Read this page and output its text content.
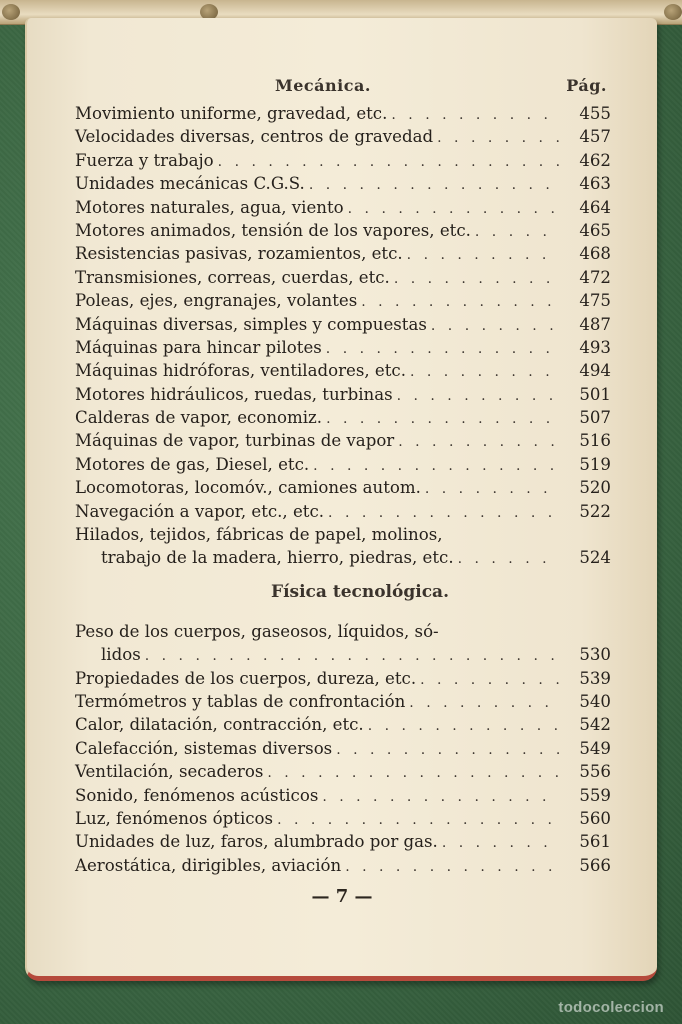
Mecánica.	Pág.
Movimiento uniforme, gravedad, etc. . . .	455
Velocidades diversas, centros de gravedad . . .	457
Fuerza y trabajo . . .	462
Unidades mecánicas C.G.S. . . .	463
Motores naturales, agua, viento . . .	464
Motores animados, tensión de los vapores, etc. . . .	465
Resistencias pasivas, rozamientos, etc. . . .	468
Transmisiones, correas, cuerdas, etc. . . .	472
Poleas, ejes, engranajes, volantes . . .	475
Máquinas diversas, simples y compuestas . . .	487
Máquinas para hincar pilotes . . .	493
Máquinas hidróforas, ventiladores, etc. . . .	494
Motores hidráulicos, ruedas, turbinas . . .	501
Calderas de vapor, economiz. . . .	507
Máquinas de vapor, turbinas de vapor . . .	516
Motores de gas, Diesel, etc. . . .	519
Locomotoras, locomóv., camiones autom. . . .	520
Navegación a vapor, etc., etc. . . .	522
Hilados, tejidos, fábricas de papel, molinos,
trabajo de la madera, hierro, piedras, etc. . . .	524
Física tecnológica.
Peso de los cuerpos, gaseosos, líquidos, só-
lidos . . .	530
Propiedades de los cuerpos, dureza, etc. . . .	539
Termómetros y tablas de confrontación . . .	540
Calor, dilatación, contracción, etc. . . .	542
Calefacción, sistemas diversos . . .	549
Ventilación, secaderos . . .	556
Sonido, fenómenos acústicos . . .	559
Luz, fenómenos ópticos . . .	560
Unidades de luz, faros, alumbrado por gas. . . .	561
Aerostática, dirigibles, aviación . . .	566
— 7 —
todocoleccion
